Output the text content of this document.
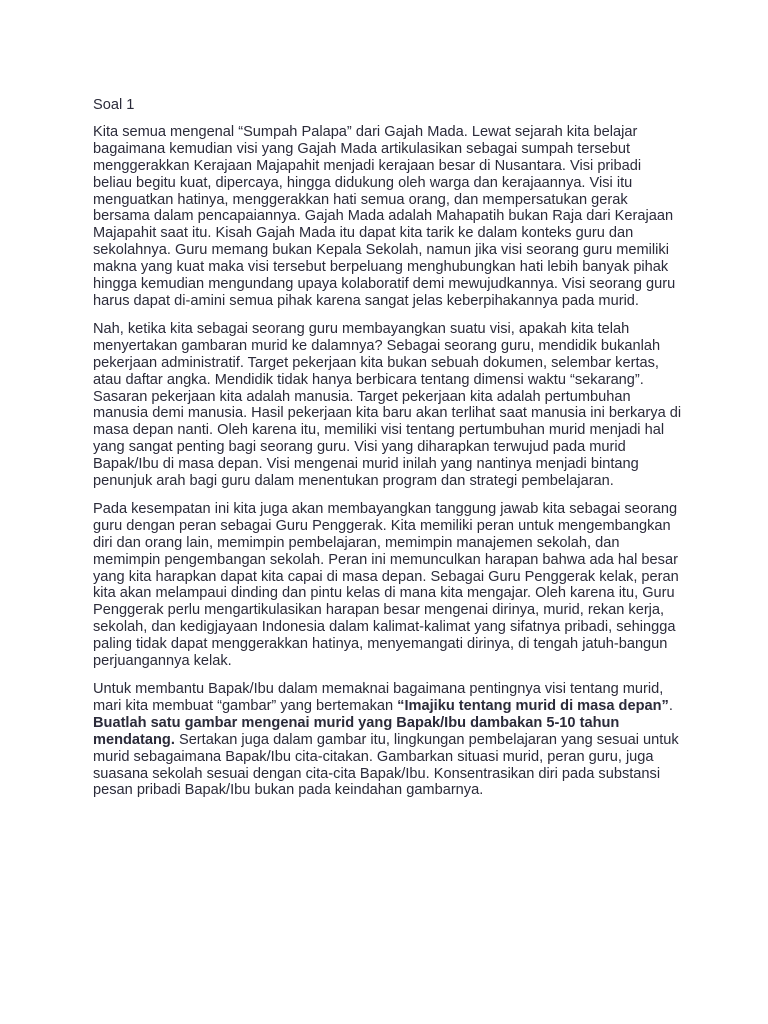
Soal 1

Kita semua mengenal “Sumpah Palapa” dari Gajah Mada. Lewat sejarah kita belajar bagaimana kemudian visi yang Gajah Mada artikulasikan sebagai sumpah tersebut menggerakkan Kerajaan Majapahit menjadi kerajaan besar di Nusantara. Visi pribadi beliau begitu kuat, dipercaya, hingga didukung oleh warga dan kerajaannya. Visi itu menguatkan hatinya, menggerakkan hati semua orang, dan mempersatukan gerak bersama dalam pencapaiannya. Gajah Mada adalah Mahapatih bukan Raja dari Kerajaan Majapahit saat itu. Kisah Gajah Mada itu dapat kita tarik ke dalam konteks guru dan sekolahnya. Guru memang bukan Kepala Sekolah, namun jika visi seorang guru memiliki makna yang kuat maka visi tersebut berpeluang menghubungkan hati lebih banyak pihak hingga kemudian mengundang upaya kolaboratif demi mewujudkannya. Visi seorang guru harus dapat di-amini semua pihak karena sangat jelas keberpihakannya pada murid.

Nah, ketika kita sebagai seorang guru membayangkan suatu visi, apakah kita telah menyertakan gambaran murid ke dalamnya? Sebagai seorang guru, mendidik bukanlah pekerjaan administratif. Target pekerjaan kita bukan sebuah dokumen, selembar kertas, atau daftar angka. Mendidik tidak hanya berbicara tentang dimensi waktu “sekarang”. Sasaran pekerjaan kita adalah manusia. Target pekerjaan kita adalah pertumbuhan manusia demi manusia. Hasil pekerjaan kita baru akan terlihat saat manusia ini berkarya di masa depan nanti. Oleh karena itu, memiliki visi tentang pertumbuhan murid menjadi hal yang sangat penting bagi seorang guru. Visi yang diharapkan terwujud pada murid Bapak/Ibu di masa depan. Visi mengenai murid inilah yang nantinya menjadi bintang penunjuk arah bagi guru dalam menentukan program dan strategi pembelajaran.

Pada kesempatan ini kita juga akan membayangkan tanggung jawab kita sebagai seorang guru dengan peran sebagai Guru Penggerak. Kita memiliki peran untuk mengembangkan diri dan orang lain, memimpin pembelajaran, memimpin manajemen sekolah, dan memimpin pengembangan sekolah. Peran ini memunculkan harapan bahwa ada hal besar yang kita harapkan dapat kita capai di masa depan. Sebagai Guru Penggerak kelak, peran kita akan melampaui dinding dan pintu kelas di mana kita mengajar. Oleh karena itu, Guru Penggerak perlu mengartikulasikan harapan besar mengenai dirinya, murid, rekan kerja, sekolah, dan kedigjayaan Indonesia dalam kalimat-kalimat yang sifatnya pribadi, sehingga paling tidak dapat menggerakkan hatinya, menyemangati dirinya, di tengah jatuh-bangun perjuangannya kelak.

Untuk membantu Bapak/Ibu dalam memaknai bagaimana pentingnya visi tentang murid, mari kita membuat “gambar” yang bertemakan “Imajiku tentang murid di masa depan”. Buatlah satu gambar mengenai murid yang Bapak/Ibu dambakan 5-10 tahun mendatang. Sertakan juga dalam gambar itu, lingkungan pembelajaran yang sesuai untuk murid sebagaimana Bapak/Ibu cita-citakan. Gambarkan situasi murid, peran guru, juga suasana sekolah sesuai dengan cita-cita Bapak/Ibu. Konsentrasikan diri pada substansi pesan pribadi Bapak/Ibu bukan pada keindahan gambarnya.
